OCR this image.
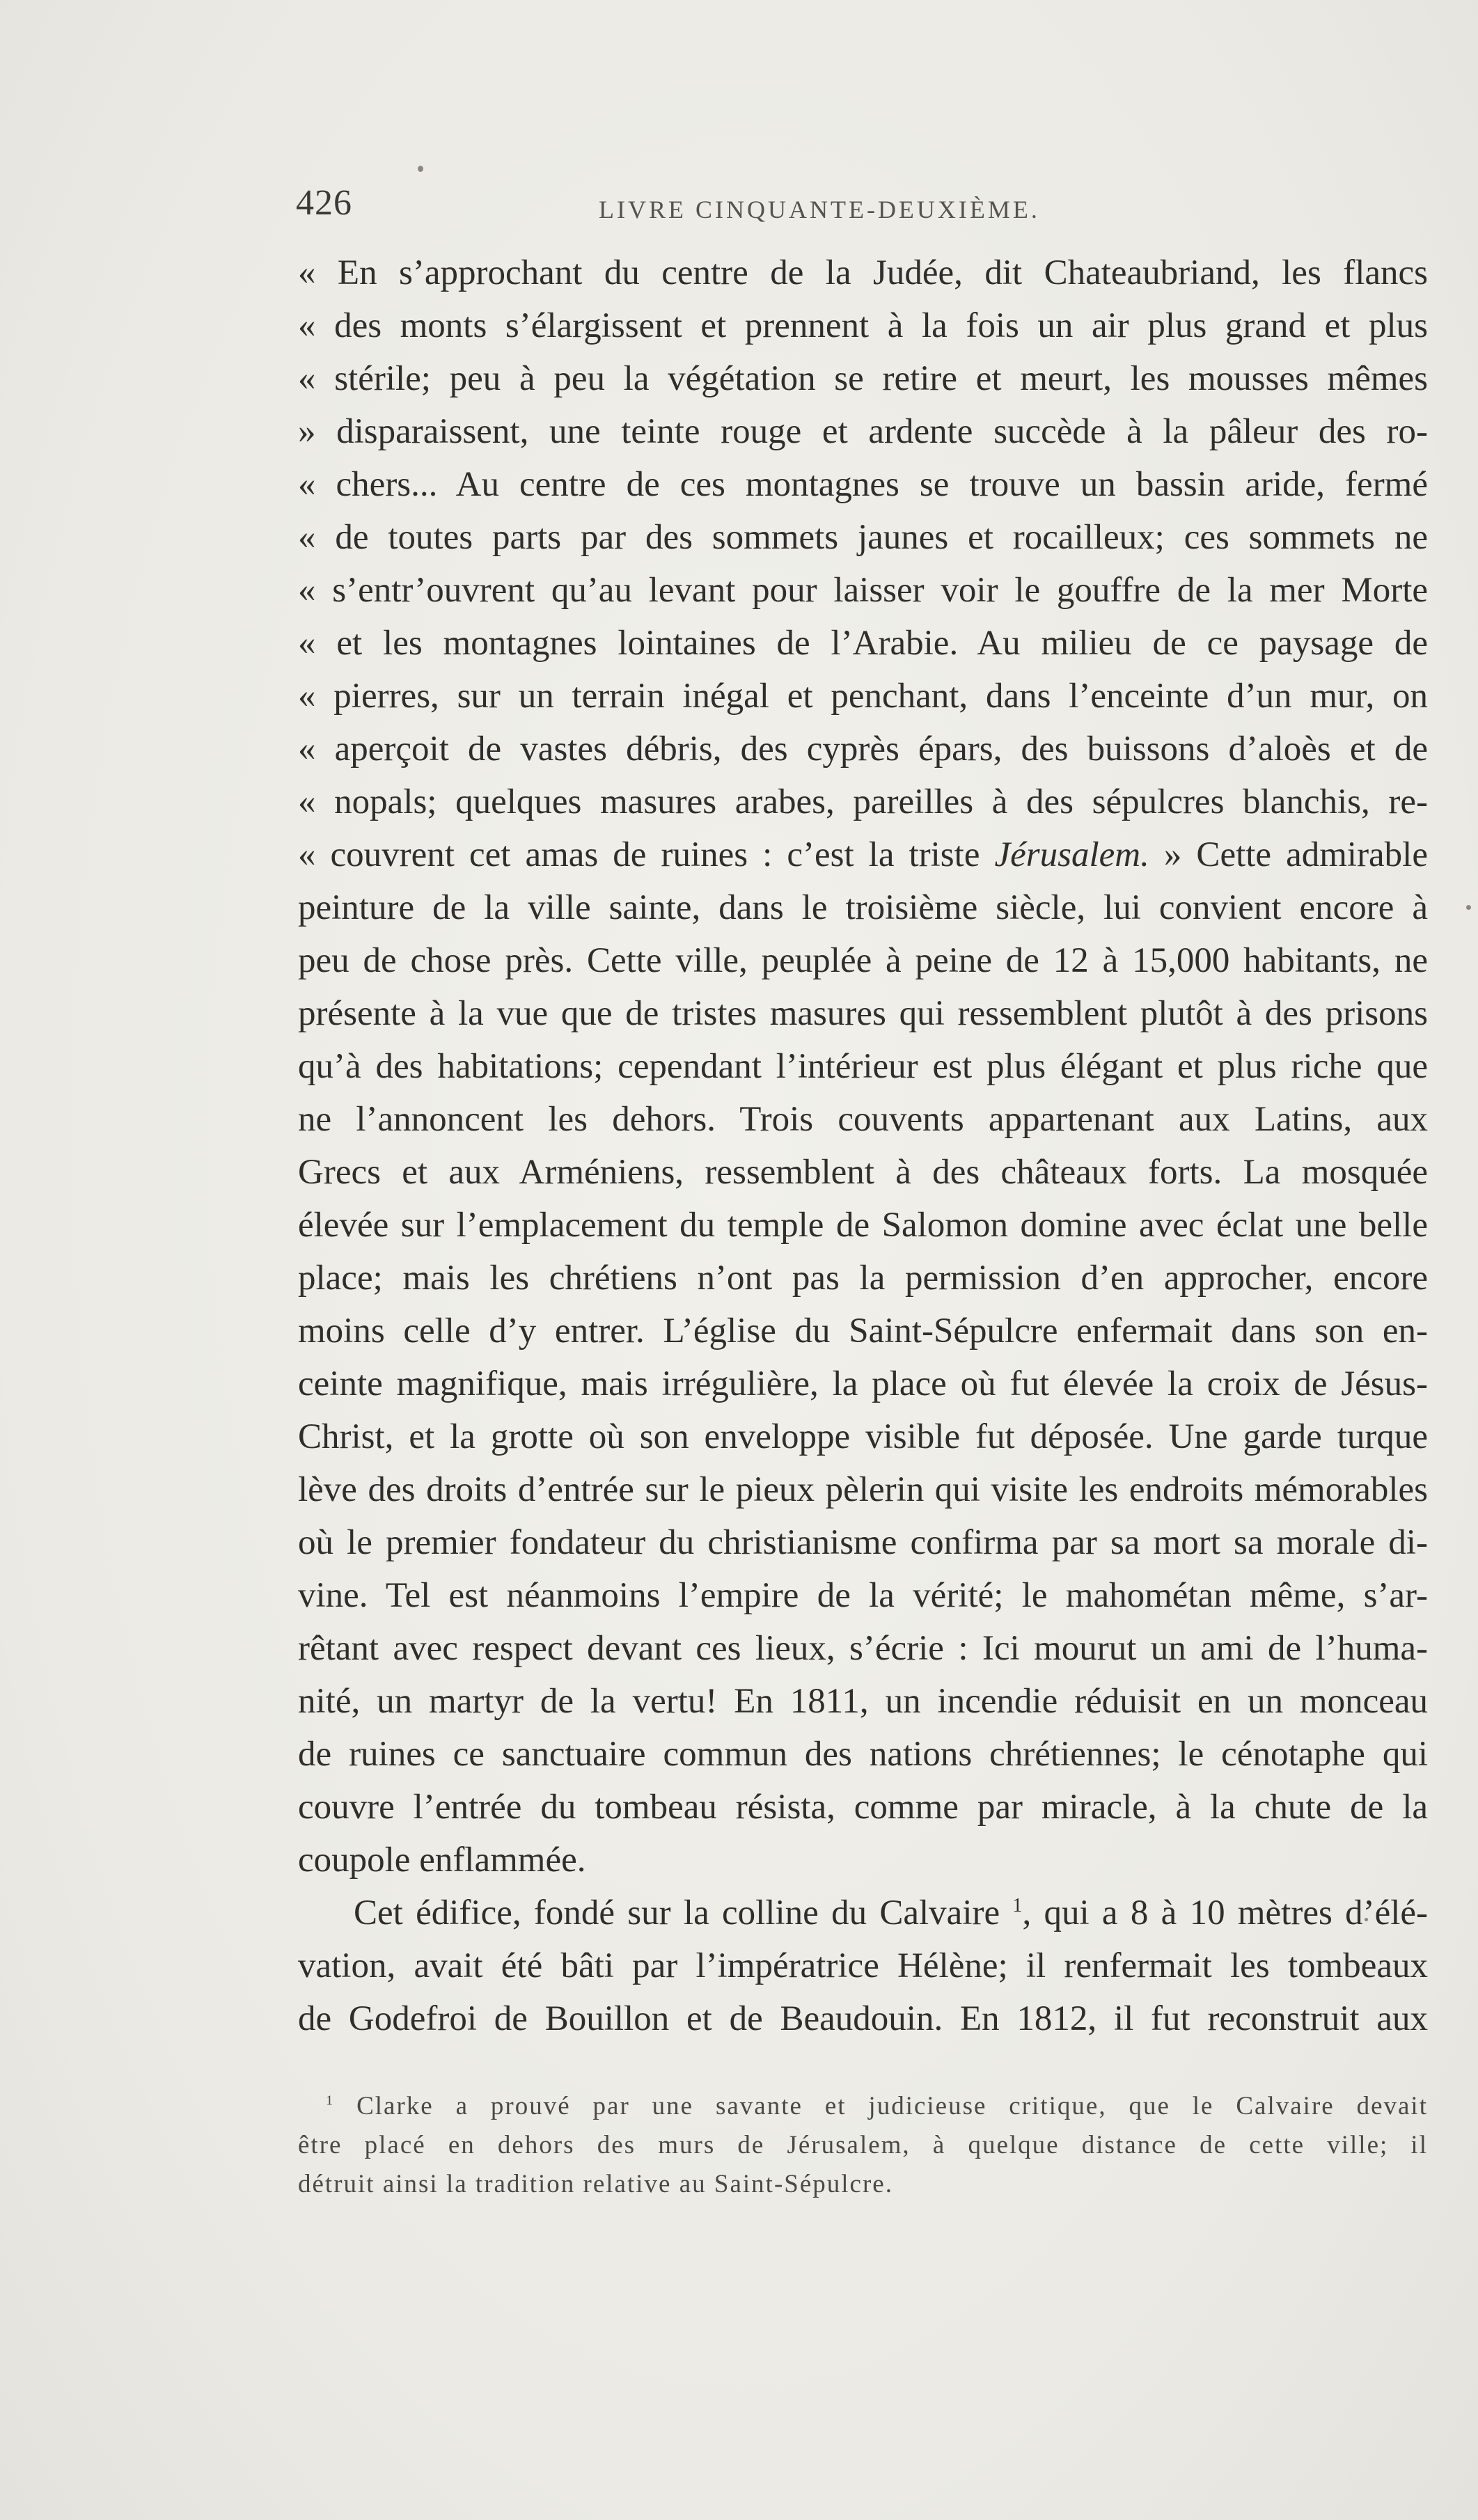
426	LIVRE CINQUANTE-DEUXIÈME.
« En s’approchant du centre de la Judée, dit Chateaubriand, les flancs
« des monts s’élargissent et prennent à la fois un air plus grand et plus
« stérile; peu à peu la végétation se retire et meurt, les mousses mêmes
» disparaissent, une teinte rouge et ardente succède à la pâleur des ro-
« chers... Au centre de ces montagnes se trouve un bassin aride, fermé
« de toutes parts par des sommets jaunes et rocailleux; ces sommets ne
« s’entr’ouvrent qu’au levant pour laisser voir le gouffre de la mer Morte
« et les montagnes lointaines de l’Arabie. Au milieu de ce paysage de
« pierres, sur un terrain inégal et penchant, dans l’enceinte d’un mur, on
« aperçoit de vastes débris, des cyprès épars, des buissons d’aloès et de
« nopals; quelques masures arabes, pareilles à des sépulcres blanchis, re-
« couvrent cet amas de ruines : c’est la triste Jérusalem. » Cette admirable
peinture de la ville sainte, dans le troisième siècle, lui convient encore à
peu de chose près. Cette ville, peuplée à peine de 12 à 15,000 habitants, ne
présente à la vue que de tristes masures qui ressemblent plutôt à des prisons
qu’à des habitations; cependant l’intérieur est plus élégant et plus riche que
ne l’annoncent les dehors. Trois couvents appartenant aux Latins, aux
Grecs et aux Arméniens, ressemblent à des châteaux forts. La mosquée
élevée sur l’emplacement du temple de Salomon domine avec éclat une belle
place; mais les chrétiens n’ont pas la permission d’en approcher, encore
moins celle d’y entrer. L’église du Saint-Sépulcre enfermait dans son en-
ceinte magnifique, mais irrégulière, la place où fut élevée la croix de Jésus-
Christ, et la grotte où son enveloppe visible fut déposée. Une garde turque
lève des droits d’entrée sur le pieux pèlerin qui visite les endroits mémorables
où le premier fondateur du christianisme confirma par sa mort sa morale di-
vine. Tel est néanmoins l’empire de la vérité; le mahométan même, s’ar-
rêtant avec respect devant ces lieux, s’écrie : Ici mourut un ami de l’huma-
nité, un martyr de la vertu! En 1811, un incendie réduisit en un monceau
de ruines ce sanctuaire commun des nations chrétiennes; le cénotaphe qui
couvre l’entrée du tombeau résista, comme par miracle, à la chute de la
coupole enflammée.
Cet édifice, fondé sur la colline du Calvaire $^1$, qui a 8 à 10 mètres d’élé-
vation, avait été bâti par l’impératrice Hélène; il renfermait les tombeaux
de Godefroi de Bouillon et de Beaudouin. En 1812, il fut reconstruit aux
$^1$ Clarke a prouvé par une savante et judicieuse critique, que le Calvaire devait
être placé en dehors des murs de Jérusalem, à quelque distance de cette ville; il
détruit ainsi la tradition relative au Saint-Sépulcre.
